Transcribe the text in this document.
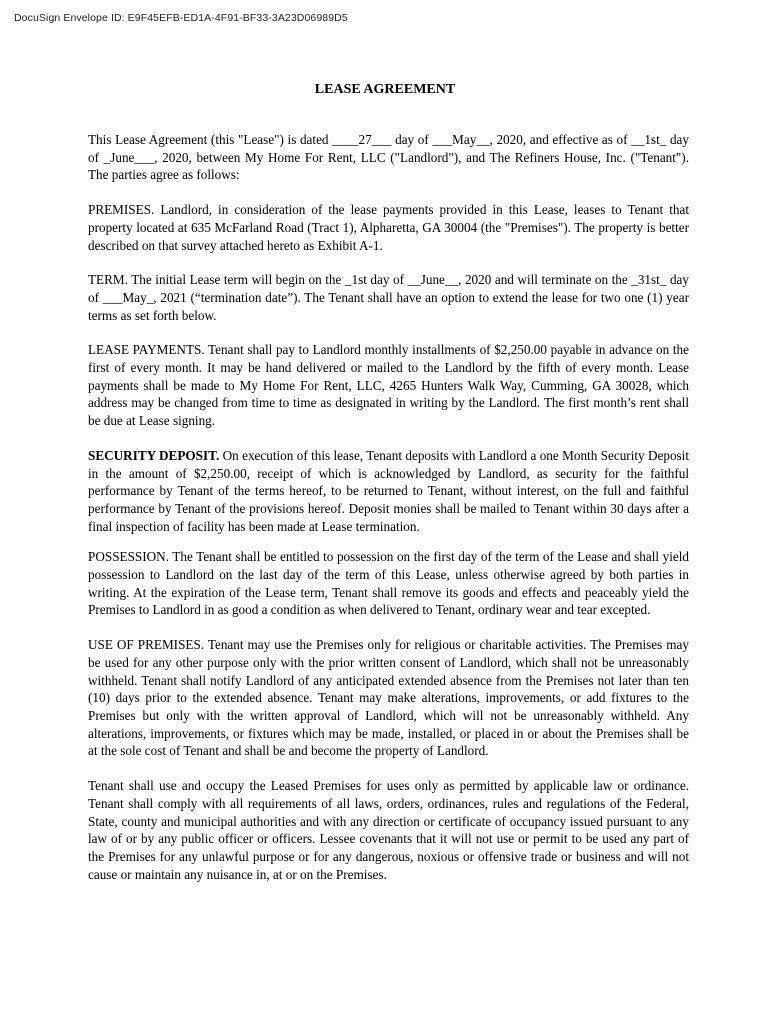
DocuSign Envelope ID: E9F45EFB-ED1A-4F91-BF33-3A23D06989D5
LEASE AGREEMENT

This Lease Agreement (this "Lease") is dated ____27___ day of ___May__, 2020, and effective as of __1st_ day of _June___, 2020, between My Home For Rent, LLC ("Landlord"), and The Refiners House, Inc. ("Tenant"). The parties agree as follows:

PREMISES. Landlord, in consideration of the lease payments provided in this Lease, leases to Tenant that property located at 635 McFarland Road (Tract 1), Alpharetta, GA 30004 (the "Premises"). The property is better described on that survey attached hereto as Exhibit A-1.

TERM. The initial Lease term will begin on the _1st day of __June__, 2020 and will terminate on the _31st_ day of ___May_, 2021 (“termination date”). The Tenant shall have an option to extend the lease for two one (1) year terms as set forth below.

LEASE PAYMENTS. Tenant shall pay to Landlord monthly installments of $2,250.00 payable in advance on the first of every month. It may be hand delivered or mailed to the Landlord by the fifth of every month. Lease payments shall be made to My Home For Rent, LLC, 4265 Hunters Walk Way, Cumming, GA 30028, which address may be changed from time to time as designated in writing by the Landlord. The first month’s rent shall be due at Lease signing.

SECURITY DEPOSIT. On execution of this lease, Tenant deposits with Landlord a one Month Security Deposit in the amount of $2,250.00, receipt of which is acknowledged by Landlord, as security for the faithful performance by Tenant of the terms hereof, to be returned to Tenant, without interest, on the full and faithful performance by Tenant of the provisions hereof. Deposit monies shall be mailed to Tenant within 30 days after a final inspection of facility has been made at Lease termination.

POSSESSION. The Tenant shall be entitled to possession on the first day of the term of the Lease and shall yield possession to Landlord on the last day of the term of this Lease, unless otherwise agreed by both parties in writing. At the expiration of the Lease term, Tenant shall remove its goods and effects and peaceably yield the Premises to Landlord in as good a condition as when delivered to Tenant, ordinary wear and tear excepted.

USE OF PREMISES. Tenant may use the Premises only for religious or charitable activities. The Premises may be used for any other purpose only with the prior written consent of Landlord, which shall not be unreasonably withheld. Tenant shall notify Landlord of any anticipated extended absence from the Premises not later than ten (10) days prior to the extended absence. Tenant may make alterations, improvements, or add fixtures to the Premises but only with the written approval of Landlord, which will not be unreasonably withheld. Any alterations, improvements, or fixtures which may be made, installed, or placed in or about the Premises shall be at the sole cost of Tenant and shall be and become the property of Landlord.

Tenant shall use and occupy the Leased Premises for uses only as permitted by applicable law or ordinance. Tenant shall comply with all requirements of all laws, orders, ordinances, rules and regulations of the Federal, State, county and municipal authorities and with any direction or certificate of occupancy issued pursuant to any law of or by any public officer or officers. Lessee covenants that it will not use or permit to be used any part of the Premises for any unlawful purpose or for any dangerous, noxious or offensive trade or business and will not cause or maintain any nuisance in, at or on the Premises.
